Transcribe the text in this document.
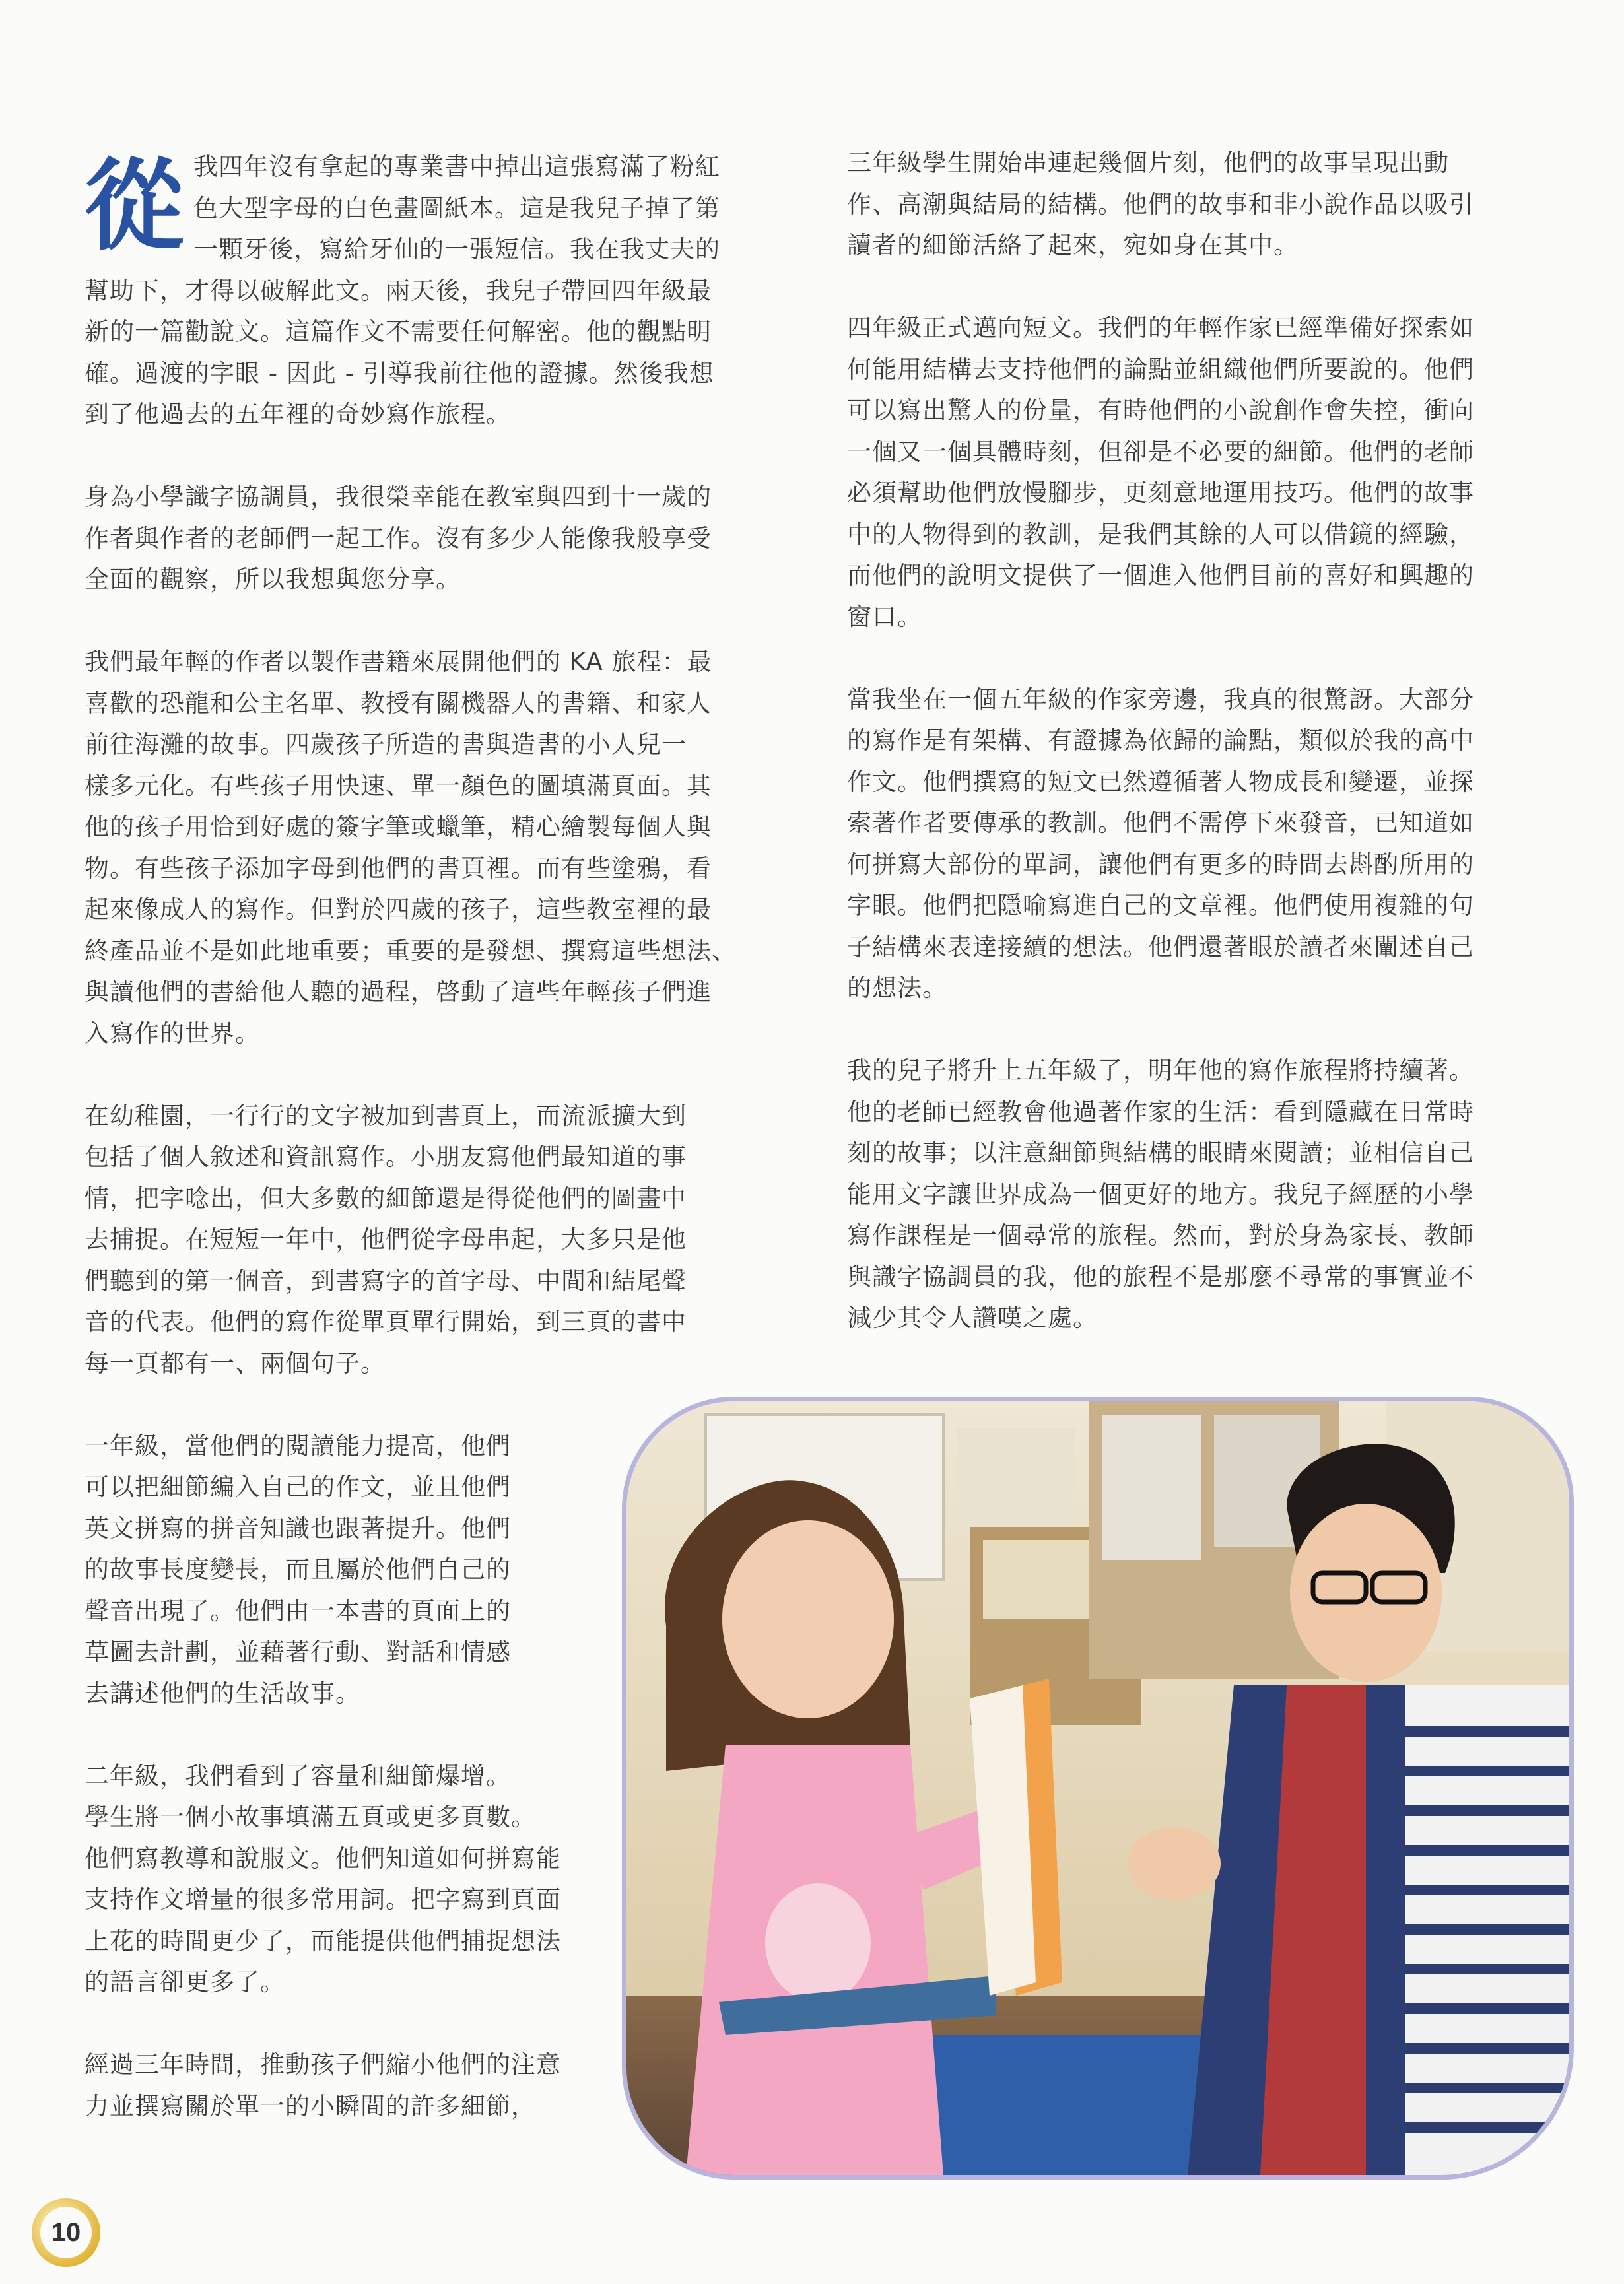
從 我四年沒有拿起的專業書中掉出這張寫滿了粉紅
色大型字母的白色畫圖紙本。這是我兒子掉了第
一顆牙後，寫給牙仙的一張短信。我在我丈夫的
幫助下，才得以破解此文。兩天後，我兒子帶回四年級最
新的一篇勸說文。這篇作文不需要任何解密。他的觀點明
確。過渡的字眼 - 因此 - 引導我前往他的證據。然後我想
到了他過去的五年裡的奇妙寫作旅程。

身為小學識字協調員，我很榮幸能在教室與四到十一歲的
作者與作者的老師們一起工作。沒有多少人能像我般享受
全面的觀察，所以我想與您分享。

我們最年輕的作者以製作書籍來展開他們的 KA 旅程：最
喜歡的恐龍和公主名單、教授有關機器人的書籍、和家人
前往海灘的故事。四歲孩子所造的書與造書的小人兒一
樣多元化。有些孩子用快速、單一顏色的圖填滿頁面。其
他的孩子用恰到好處的簽字筆或蠟筆，精心繪製每個人與
物。有些孩子添加字母到他們的書頁裡。而有些塗鴉，看
起來像成人的寫作。但對於四歲的孩子，這些教室裡的最
終產品並不是如此地重要；重要的是發想、撰寫這些想法、
與讀他們的書給他人聽的過程，啓動了這些年輕孩子們進
入寫作的世界。

在幼稚園，一行行的文字被加到書頁上，而流派擴大到
包括了個人敘述和資訊寫作。小朋友寫他們最知道的事
情，把字唸出，但大多數的細節還是得從他們的圖畫中
去捕捉。在短短一年中，他們從字母串起，大多只是他
們聽到的第一個音，到書寫字的首字母、中間和結尾聲
音的代表。他們的寫作從單頁單行開始，到三頁的書中
每一頁都有一、兩個句子。

一年級，當他們的閱讀能力提高，他們
可以把細節編入自己的作文，並且他們
英文拼寫的拼音知識也跟著提升。他們
的故事長度變長，而且屬於他們自己的
聲音出現了。他們由一本書的頁面上的
草圖去計劃，並藉著行動、對話和情感
去講述他們的生活故事。

二年級，我們看到了容量和細節爆增。
學生將一個小故事填滿五頁或更多頁數。
他們寫教導和說服文。他們知道如何拼寫能
支持作文增量的很多常用詞。把字寫到頁面
上花的時間更少了，而能提供他們捕捉想法
的語言卻更多了。

經過三年時間，推動孩子們縮小他們的注意
力並撰寫關於單一的小瞬間的許多細節，

三年級學生開始串連起幾個片刻，他們的故事呈現出動
作、高潮與結局的結構。他們的故事和非小說作品以吸引
讀者的細節活絡了起來，宛如身在其中。

四年級正式邁向短文。我們的年輕作家已經準備好探索如
何能用結構去支持他們的論點並組織他們所要說的。他們
可以寫出驚人的份量，有時他們的小說創作會失控，衝向
一個又一個具體時刻，但卻是不必要的細節。他們的老師
必須幫助他們放慢腳步，更刻意地運用技巧。他們的故事
中的人物得到的教訓，是我們其餘的人可以借鏡的經驗，
而他們的說明文提供了一個進入他們目前的喜好和興趣的
窗口。

當我坐在一個五年級的作家旁邊，我真的很驚訝。大部分
的寫作是有架構、有證據為依歸的論點，類似於我的高中
作文。他們撰寫的短文已然遵循著人物成長和變遷，並探
索著作者要傳承的教訓。他們不需停下來發音，已知道如
何拼寫大部份的單詞，讓他們有更多的時間去斟酌所用的
字眼。他們把隱喻寫進自己的文章裡。他們使用複雜的句
子結構來表達接續的想法。他們還著眼於讀者來闡述自己
的想法。

我的兒子將升上五年級了，明年他的寫作旅程將持續著。
他的老師已經教會他過著作家的生活：看到隱藏在日常時
刻的故事；以注意細節與結構的眼睛來閱讀；並相信自己
能用文字讓世界成為一個更好的地方。我兒子經歷的小學
寫作課程是一個尋常的旅程。然而，對於身為家長、教師
與識字協調員的我，他的旅程不是那麼不尋常的事實並不
減少其令人讚嘆之處。

10
